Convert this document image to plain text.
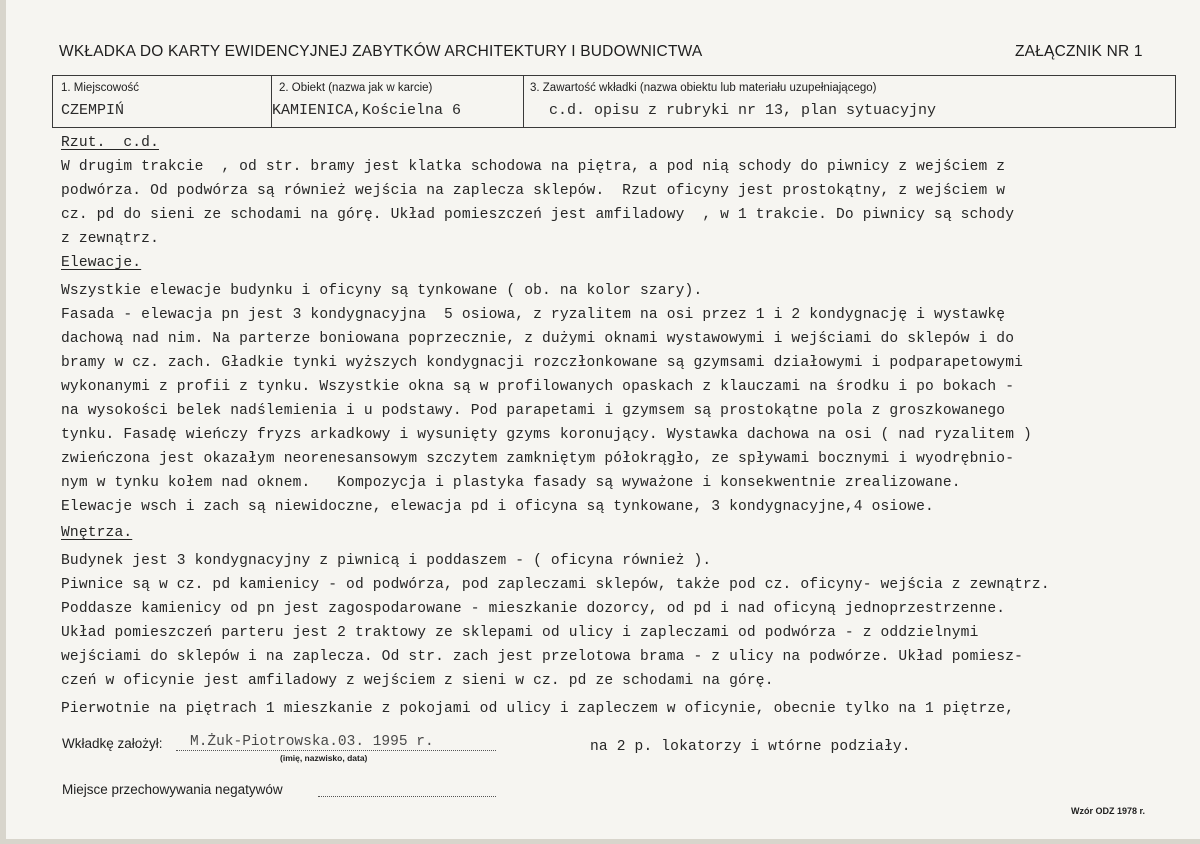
WKŁADKA DO KARTY EWIDENCYJNEJ ZABYTKÓW ARCHITEKTURY I BUDOWNICTWA	ZAŁĄCZNIK NR 1
1. Miejscowość
CZEMPIŃ
2. Obiekt (nazwa jak w karcie)
KAMIENICA,Kościelna 6
3. Zawartość wkładki (nazwa obiektu lub materiału uzupełniającego)
c.d. opisu z rubryki nr 13, plan sytuacyjny
Rzut.  c.d.
W drugim trakcie  , od str. bramy jest klatka schodowa na piętra, a pod nią schody do piwnicy z wejściem z
podwórza. Od podwórza są również wejścia na zaplecza sklepów.  Rzut oficyny jest prostokątny, z wejściem w
cz. pd do sieni ze schodami na górę. Układ pomieszczeń jest amfiladowy  , w 1 trakcie. Do piwnicy są schody
z zewnątrz.
Elewacje.
Wszystkie elewacje budynku i oficyny są tynkowane ( ob. na kolor szary).
Fasada - elewacja pn jest 3 kondygnacyjna  5 osiowa, z ryzalitem na osi przez 1 i 2 kondygnację i wystawkę
dachową nad nim. Na parterze boniowana poprzecznie, z dużymi oknami wystawowymi i wejściami do sklepów i do
bramy w cz. zach. Gładkie tynki wyższych kondygnacji rozczłonkowane są gzymsami działowymi i podparapetowymi
wykonanymi z profii z tynku. Wszystkie okna są w profilowanych opaskach z klauczami na środku i po bokach -
na wysokości belek nadślemienia i u podstawy. Pod parapetami i gzymsem są prostokątne pola z groszkowanego
tynku. Fasadę wieńczy fryzs arkadkowy i wysunięty gzyms koronujący. Wystawka dachowa na osi ( nad ryzalitem )
zwieńczona jest okazałym neorenesansowym szczytem zamkniętym półokrągło, ze spływami bocznymi i wyodrębnio-
nym w tynku kołem nad oknem.   Kompozycja i plastyka fasady są wyważone i konsekwentnie zrealizowane.
Elewacje wsch i zach są niewidoczne, elewacja pd i oficyna są tynkowane, 3 kondygnacyjne,4 osiowe.
Wnętrza.
Budynek jest 3 kondygnacyjny z piwnicą i poddaszem - ( oficyna również ).
Piwnice są w cz. pd kamienicy - od podwórza, pod zapleczami sklepów, także pod cz. oficyny- wejścia z zewnątrz.
Poddasze kamienicy od pn jest zagospodarowane - mieszkanie dozorcy, od pd i nad oficyną jednoprzestrzenne.
Układ pomieszczeń parteru jest 2 traktowy ze sklepami od ulicy i zapleczami od podwórza - z oddzielnymi
wejściami do sklepów i na zaplecza. Od str. zach jest przelotowa brama - z ulicy na podwórze. Układ pomiesz-
czeń w oficynie jest amfiladowy z wejściem z sieni w cz. pd ze schodami na górę.
Pierwotnie na piętrach 1 mieszkanie z pokojami od ulicy i zapleczem w oficynie, obecnie tylko na 1 piętrze,
Wkładkę założył: M.Żuk-Piotrowska.03. 1995 r.
(imię, nazwisko, data)
na 2 p. lokatorzy i wtórne podziały.
Miejsce przechowywania negatywów
Wzór ODZ 1978 r.
